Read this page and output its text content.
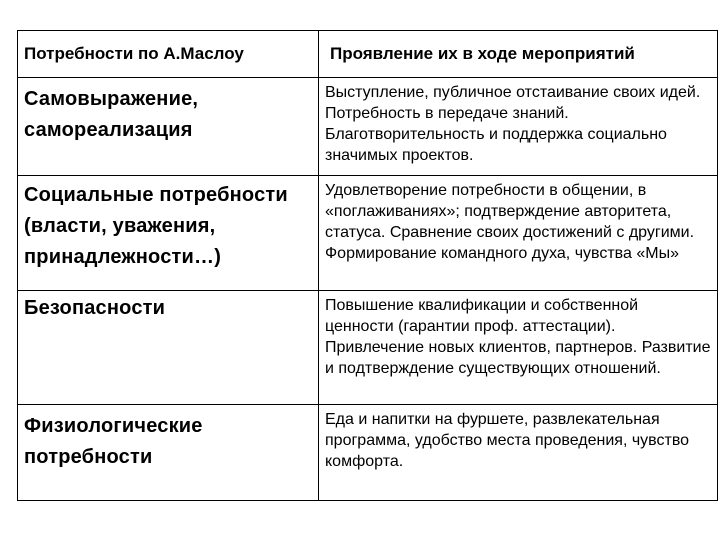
Потребности по А.Маслоу	Проявление их в ходе мероприятий
Самовыражение, самореализация	Выступление, публичное отстаивание своих идей. Потребность в передаче знаний. Благотворительность и поддержка социально значимых проектов.
Социальные потребности (власти, уважения, принадлежности…)	Удовлетворение потребности в общении, в «поглаживаниях»; подтверждение авторитета, статуса. Сравнение своих достижений с другими. Формирование командного духа, чувства «Мы»
Безопасности	Повышение квалификации и собственной ценности (гарантии проф. аттестации). Привлечение новых клиентов, партнеров. Развитие и подтверждение существующих отношений.
Физиологические потребности	Еда и напитки на фуршете, развлекательная программа, удобство места проведения, чувство комфорта.
